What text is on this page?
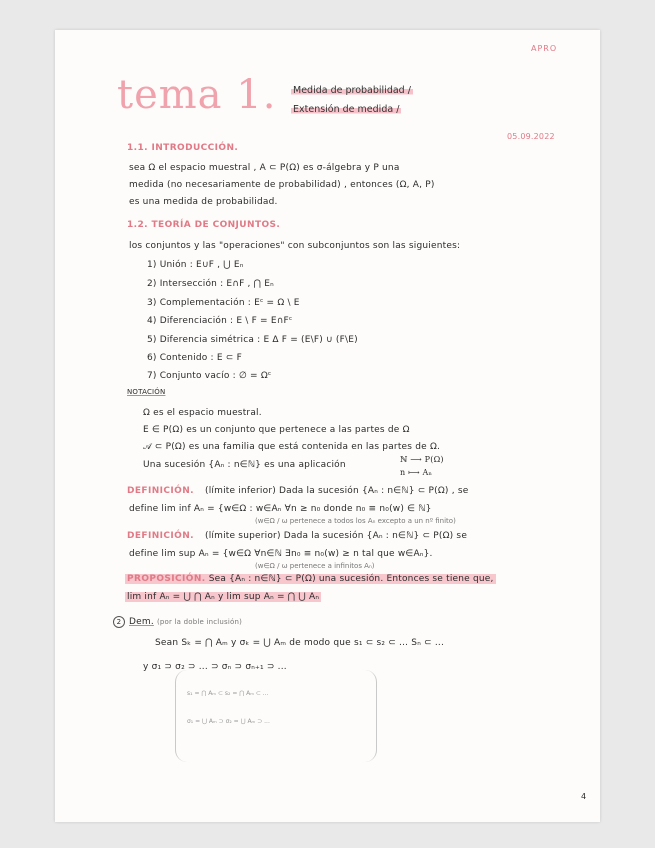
APRO
tema 1. Medida de probabilidad /
Extensión de medida /
05.09.2022
1.1. INTRODUCCIÓN.
sea Ω el espacio muestral , A ⊂ P(Ω) es σ-álgebra y P una
medida (no necesariamente de probabilidad) , entonces (Ω, A, P)
es una medida de probabilidad.
1.2. TEORÍA DE CONJUNTOS.
los conjuntos y las "operaciones" con subconjuntos son las siguientes:
1) Unión : E∪F , ⋃ Eₙ
2) Intersección : E∩F , ⋂ Eₙ
3) Complementación : Eᶜ = Ω \ E
4) Diferenciación : E \ F = E∩Fᶜ
5) Diferencia simétrica : E Δ F = (E\F) ∪ (F\E)
6) Contenido : E ⊂ F
7) Conjunto vacío : ∅ = Ωᶜ
NOTACIÓN
Ω es el espacio muestral.
E ∈ P(Ω) es un conjunto que pertenece a las partes de Ω
𝒜 ⊂ P(Ω) es una familia que está contenida en las partes de Ω.
Una sucesión {Aₙ : n∈ℕ} es una aplicación
ℕ ⟶ P(Ω)
n ⟼ Aₙ
DEFINICIÓN. (límite inferior) Dada la sucesión {Aₙ : n∈ℕ} ⊂ P(Ω) , se
define lim inf Aₙ = {w∈Ω : w∈Aₙ ∀n ≥ n₀ donde n₀ ≡ n₀(w) ∈ ℕ}
(w∈Ω / ω pertenece a todos los Aₙ excepto a un nº finito)
DEFINICIÓN. (límite superior) Dada la sucesión {Aₙ : n∈ℕ} ⊂ P(Ω) se
define lim sup Aₙ = {w∈Ω ∀n∈ℕ ∃n₀ ≡ n₀(w) ≥ n tal que w∈Aₙ}.
(w∈Ω / ω pertenece a infinitos Aₙ)
PROPOSICIÓN. Sea {Aₙ : n∈ℕ} ⊂ P(Ω) una sucesión. Entonces se tiene que,
lim inf Aₙ = ⋃ ⋂ Aₙ y lim sup Aₙ = ⋂ ⋃ Aₙ
2 Dem. (por la doble inclusión)
Sean Sₖ = ⋂ Aₘ y σₖ = ⋃ Aₘ de modo que s₁ ⊂ s₂ ⊂ ... Sₙ ⊂ ...
y σ₁ ⊃ σ₂ ⊃ ... ⊃ σₙ ⊃ σₙ₊₁ ⊃ ...
s₁ = ⋂ Aₘ ⊂ s₂ = ⋂ Aₘ ⊂ ...
σ₁ = ⋃ Aₘ ⊃ σ₂ = ⋃ Aₘ ⊃ ...
4
